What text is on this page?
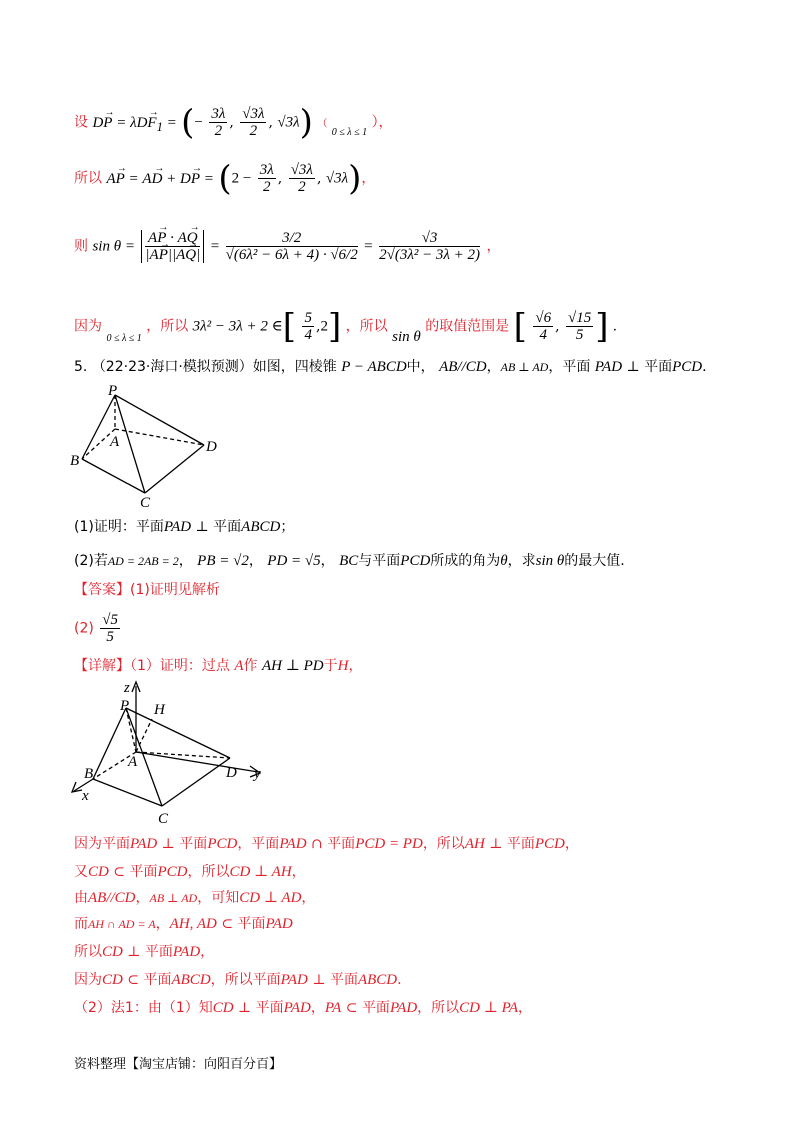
设 → DP = $\lambda\to DF_1$ = (− $\frac{3\lambda}{2}$ , $\frac{√3\lambda}{2}$ , √3λ) （ $_{0 \le \lambda \le 1}$ ），
所以 → AP = → AD + → DP = ($2 - \frac{3\lambda}{2}$ , $\frac{√3\lambda}{2}$ , √3λ)，
则 sin θ = → $\frac{AP \cdot \to AQ}{|\to AP||\to AQ|} = \frac{3/2}{\text{√(6λ² − 6λ + 4) · √6/2}} = \frac{√3}{\text{2√(3λ² − 3λ + 2)}}$ ，
因为 $_{0 \le \lambda \le 1}$ ，所以 3λ² − 3λ + 2 ∈[ $\frac{5}{4} ,2$] ，所以 sin θ 的取值范围是 [ $\frac{√6}{4}$ , $\frac{√15}{5}$ ] .
5. （22·23·海口·模拟预测）如图，四棱锥 P − ABCD中， AB//CD，AB ⊥ AD，平面 PAD ⊥ 平面PCD.
P
A	D
B
C
(1)证明：平面PAD ⊥ 平面ABCD；
(2)若AD = 2AB = 2， PB = √2， PD = √5， BC与平面PCD所成的角为θ，求sin θ的最大值.
【答案】(1)证明见解析
$(2) \frac{√5}{5}$
【详解】（1）证明：过点 A作 AH ⊥ PD于H，
z
P H
A
B	D y
x
C
因为平面PAD ⊥ 平面PCD，平面PAD ∩ 平面PCD = PD，所以AH ⊥ 平面PCD，
又CD ⊂ 平面PCD，所以CD ⊥ AH，
由AB//CD，AB ⊥ AD，可知CD ⊥ AD，
而AH ∩ AD = A，AH, AD ⊂ 平面PAD
所以CD ⊥ 平面PAD，
因为CD ⊂ 平面ABCD，所以平面PAD ⊥ 平面ABCD.
（2）法1：由（1）知CD ⊥ 平面PAD，PA ⊂ 平面PAD，所以CD ⊥ PA，
资料整理【淘宝店铺：向阳百分百】
